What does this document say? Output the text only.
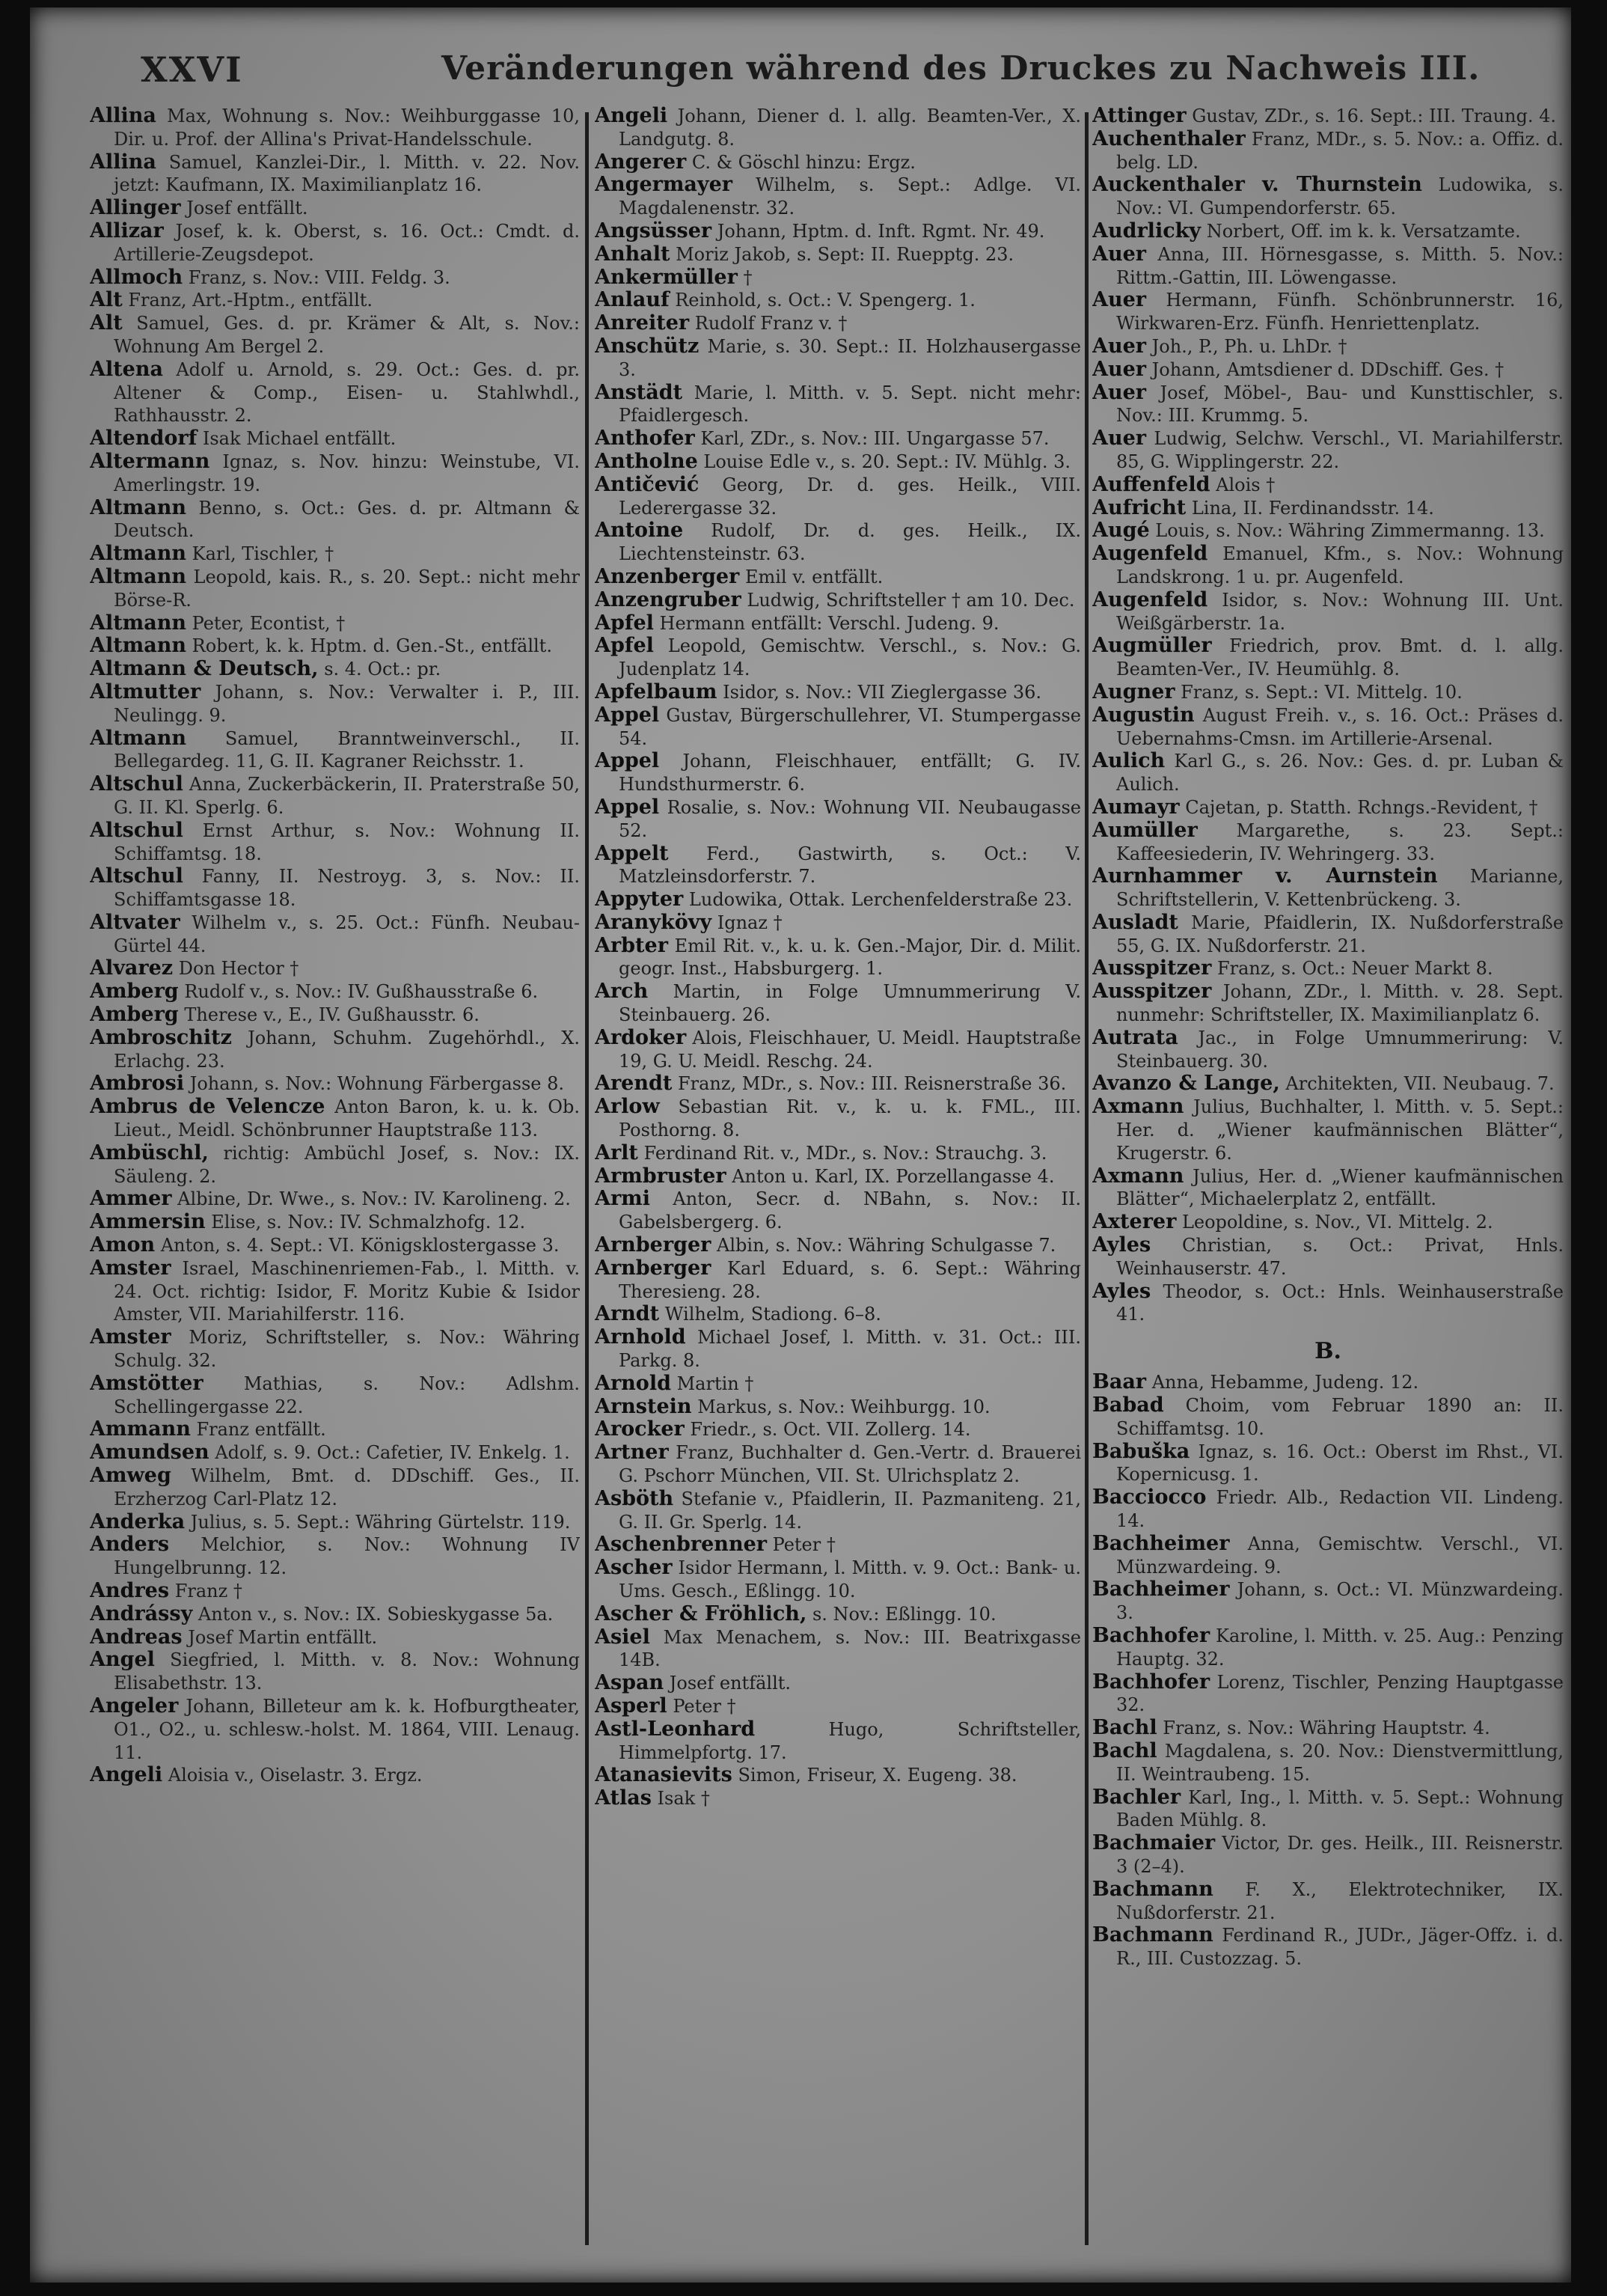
XXVI	Veränderungen während des Druckes zu Nachweis III.

Allina Max, Wohnung s. Nov.: Weihburggasse 10, Dir. u. Prof. der Allina's Privat-Handelsschule.

Allina Samuel, Kanzlei-Dir., l. Mitth. v. 22. Nov. jetzt: Kaufmann, IX. Maximilianplatz 16.

Allinger Josef entfällt.

Allizar Josef, k. k. Oberst, s. 16. Oct.: Cmdt. d. Artillerie-Zeugsdepot.

Allmoch Franz, s. Nov.: VIII. Feldg. 3.

Alt Franz, Art.-Hptm., entfällt.

Alt Samuel, Ges. d. pr. Krämer & Alt, s. Nov.: Wohnung Am Bergel 2.

Altena Adolf u. Arnold, s. 29. Oct.: Ges. d. pr. Altener & Comp., Eisen- u. Stahlwhdl., Rathhausstr. 2.

Altendorf Isak Michael entfällt.

Altermann Ignaz, s. Nov. hinzu: Weinstube, VI. Amerlingstr. 19.

Altmann Benno, s. Oct.: Ges. d. pr. Altmann & Deutsch.

Altmann Karl, Tischler, †

Altmann Leopold, kais. R., s. 20. Sept.: nicht mehr Börse-R.

Altmann Peter, Econtist, †

Altmann Robert, k. k. Hptm. d. Gen.-St., entfällt.

Altmann & Deutsch, s. 4. Oct.: pr.

Altmutter Johann, s. Nov.: Verwalter i. P., III. Neulingg. 9.

Altmann Samuel, Branntweinverschl., II. Bellegardeg. 11, G. II. Kagraner Reichsstr. 1.

Altschul Anna, Zuckerbäckerin, II. Praterstraße 50, G. II. Kl. Sperlg. 6.

Altschul Ernst Arthur, s. Nov.: Wohnung II. Schiffamtsg. 18.

Altschul Fanny, II. Nestroyg. 3, s. Nov.: II. Schiffamtsgasse 18.

Altvater Wilhelm v., s. 25. Oct.: Fünfh. Neubau-Gürtel 44.

Alvarez Don Hector †

Amberg Rudolf v., s. Nov.: IV. Gußhausstraße 6.

Amberg Therese v., E., IV. Gußhausstr. 6.

Ambroschitz Johann, Schuhm. Zugehörhdl., X. Erlachg. 23.

Ambrosi Johann, s. Nov.: Wohnung Färbergasse 8.

Ambrus de Velencze Anton Baron, k. u. k. Ob. Lieut., Meidl. Schönbrunner Hauptstraße 113.

Ambüschl, richtig: Ambüchl Josef, s. Nov.: IX. Säuleng. 2.

Ammer Albine, Dr. Wwe., s. Nov.: IV. Karolineng. 2.

Ammersin Elise, s. Nov.: IV. Schmalzhofg. 12.

Amon Anton, s. 4. Sept.: VI. Königsklostergasse 3.

Amster Israel, Maschinenriemen-Fab., l. Mitth. v. 24. Oct. richtig: Isidor, F. Moritz Kubie & Isidor Amster, VII. Mariahilferstr. 116.

Amster Moriz, Schriftsteller, s. Nov.: Währing Schulg. 32.

Amstötter Mathias, s. Nov.: Adlshm. Schellingergasse 22.

Ammann Franz entfällt.

Amundsen Adolf, s. 9. Oct.: Cafetier, IV. Enkelg. 1.

Amweg Wilhelm, Bmt. d. DDschiff. Ges., II. Erzherzog Carl-Platz 12.

Anderka Julius, s. 5. Sept.: Währing Gürtelstr. 119.

Anders Melchior, s. Nov.: Wohnung IV Hungelbrunng. 12.

Andres Franz †

Andrássy Anton v., s. Nov.: IX. Sobieskygasse 5a.

Andreas Josef Martin entfällt.

Angel Siegfried, l. Mitth. v. 8. Nov.: Wohnung Elisabethstr. 13.

Angeler Johann, Billeteur am k. k. Hofburgtheater, O1., O2., u. schlesw.-holst. M. 1864, VIII. Lenaug. 11.

Angeli Aloisia v., Oiselastr. 3. Ergz.

Angeli Johann, Diener d. l. allg. Beamten-Ver., X. Landgutg. 8.

Angerer C. & Göschl hinzu: Ergz.

Angermayer Wilhelm, s. Sept.: Adlge. VI. Magdalenenstr. 32.

Angsüsser Johann, Hptm. d. Inft. Rgmt. Nr. 49.

Anhalt Moriz Jakob, s. Sept: II. Ruepptg. 23.

Ankermüller †

Anlauf Reinhold, s. Oct.: V. Spengerg. 1.

Anreiter Rudolf Franz v. †

Anschütz Marie, s. 30. Sept.: II. Holzhausergasse 3.

Anstädt Marie, l. Mitth. v. 5. Sept. nicht mehr: Pfaidlergesch.

Anthofer Karl, ZDr., s. Nov.: III. Ungargasse 57.

Antholne Louise Edle v., s. 20. Sept.: IV. Mühlg. 3.

Antičević Georg, Dr. d. ges. Heilk., VIII. Lederergasse 32.

Antoine Rudolf, Dr. d. ges. Heilk., IX. Liechtensteinstr. 63.

Anzenberger Emil v. entfällt.

Anzengruber Ludwig, Schriftsteller † am 10. Dec.

Apfel Hermann entfällt: Verschl. Judeng. 9.

Apfel Leopold, Gemischtw. Verschl., s. Nov.: G. Judenplatz 14.

Apfelbaum Isidor, s. Nov.: VII Zieglergasse 36.

Appel Gustav, Bürgerschullehrer, VI. Stumpergasse 54.

Appel Johann, Fleischhauer, entfällt; G. IV. Hundsthurmerstr. 6.

Appel Rosalie, s. Nov.: Wohnung VII. Neubaugasse 52.

Appelt Ferd., Gastwirth, s. Oct.: V. Matzleinsdorferstr. 7.

Appyter Ludowika, Ottak. Lerchenfelderstraße 23.

Aranykövy Ignaz †

Arbter Emil Rit. v., k. u. k. Gen.-Major, Dir. d. Milit. geogr. Inst., Habsburgerg. 1.

Arch Martin, in Folge Umnummerirung V. Steinbauerg. 26.

Ardoker Alois, Fleischhauer, U. Meidl. Hauptstraße 19, G. U. Meidl. Reschg. 24.

Arendt Franz, MDr., s. Nov.: III. Reisnerstraße 36.

Arlow Sebastian Rit. v., k. u. k. FML., III. Posthorng. 8.

Arlt Ferdinand Rit. v., MDr., s. Nov.: Strauchg. 3.

Armbruster Anton u. Karl, IX. Porzellangasse 4.

Armi Anton, Secr. d. NBahn, s. Nov.: II. Gabelsbergerg. 6.

Arnberger Albin, s. Nov.: Währing Schulgasse 7.

Arnberger Karl Eduard, s. 6. Sept.: Währing Theresieng. 28.

Arndt Wilhelm, Stadiong. 6–8.

Arnhold Michael Josef, l. Mitth. v. 31. Oct.: III. Parkg. 8.

Arnold Martin †

Arnstein Markus, s. Nov.: Weihburgg. 10.

Arocker Friedr., s. Oct. VII. Zollerg. 14.

Artner Franz, Buchhalter d. Gen.-Vertr. d. Brauerei G. Pschorr München, VII. St. Ulrichsplatz 2.

Asböth Stefanie v., Pfaidlerin, II. Pazmaniteng. 21, G. II. Gr. Sperlg. 14.

Aschenbrenner Peter †

Ascher Isidor Hermann, l. Mitth. v. 9. Oct.: Bank- u. Ums. Gesch., Eßlingg. 10.

Ascher & Fröhlich, s. Nov.: Eßlingg. 10.

Asiel Max Menachem, s. Nov.: III. Beatrixgasse 14B.

Aspan Josef entfällt.

Asperl Peter †

Astl-Leonhard	Hugo, Schriftsteller, Himmelpfortg. 17.

Atanasievits Simon, Friseur, X. Eugeng. 38.

Atlas Isak †

Attinger Gustav, ZDr., s. 16. Sept.: III. Traung. 4.

Auchenthaler Franz, MDr., s. 5. Nov.: a. Offiz. d. belg. LD.

Auckenthaler v. Thurnstein Ludowika, s. Nov.: VI. Gumpendorferstr. 65.

Audrlicky Norbert, Off. im k. k. Versatzamte.

Auer Anna, III. Hörnesgasse, s. Mitth. 5. Nov.: Rittm.-Gattin, III. Löwengasse.

Auer Hermann, Fünfh. Schönbrunnerstr. 16, Wirkwaren-Erz. Fünfh. Henriettenplatz.

Auer Joh., P., Ph. u. LhDr. †

Auer Johann, Amtsdiener d. DDschiff. Ges. †

Auer Josef, Möbel-, Bau- und Kunsttischler, s. Nov.: III. Krummg. 5.

Auer Ludwig, Selchw. Verschl., VI. Mariahilferstr. 85, G. Wipplingerstr. 22.

Auffenfeld Alois †

Aufricht Lina, II. Ferdinandsstr. 14.

Augé Louis, s. Nov.: Währing Zimmermanng. 13.

Augenfeld Emanuel, Kfm., s. Nov.: Wohnung Landskrong. 1 u. pr. Augenfeld.

Augenfeld Isidor, s. Nov.: Wohnung III. Unt. Weißgärberstr. 1a.

Augmüller Friedrich, prov. Bmt. d. l. allg. Beamten-Ver., IV. Heumühlg. 8.

Augner Franz, s. Sept.: VI. Mittelg. 10.

Augustin August Freih. v., s. 16. Oct.: Präses d. Uebernahms-Cmsn. im Artillerie-Arsenal.

Aulich Karl G., s. 26. Nov.: Ges. d. pr. Luban & Aulich.

Aumayr Cajetan, p. Statth. Rchngs.-Revident, †

Aumüller Margarethe, s. 23. Sept.: Kaffeesiederin, IV. Wehringerg. 33.

Aurnhammer v. Aurnstein Marianne, Schriftstellerin, V. Kettenbrückeng. 3.

Ausladt Marie, Pfaidlerin, IX. Nußdorferstraße 55, G. IX. Nußdorferstr. 21.

Ausspitzer Franz, s. Oct.: Neuer Markt 8.

Ausspitzer Johann, ZDr., l. Mitth. v. 28. Sept. nunmehr: Schriftsteller, IX. Maximilianplatz 6.

Autrata Jac., in Folge Umnummerirung: V. Steinbauerg. 30.

Avanzo & Lange, Architekten, VII. Neubaug. 7.

Axmann Julius, Buchhalter, l. Mitth. v. 5. Sept.: Her. d. „Wiener kaufmännischen Blätter“, Krugerstr. 6.

Axmann Julius, Her. d. „Wiener kaufmännischen Blätter“, Michaelerplatz 2, entfällt.

Axterer Leopoldine, s. Nov., VI. Mittelg. 2.

Ayles Christian, s. Oct.: Privat, Hnls. Weinhauserstr. 47.

Ayles Theodor, s. Oct.: Hnls. Weinhauserstraße 41.

B.

Baar Anna, Hebamme, Judeng. 12.

Babad Choim, vom Februar 1890 an: II. Schiffamtsg. 10.

Babuška Ignaz, s. 16. Oct.: Oberst im Rhst., VI. Kopernicusg. 1.

Bacciocco Friedr. Alb., Redaction VII. Lindeng. 14.

Bachheimer Anna, Gemischtw. Verschl., VI. Münzwardeing. 9.

Bachheimer Johann, s. Oct.: VI. Münzwardeing. 3.

Bachhofer Karoline, l. Mitth. v. 25. Aug.: Penzing Hauptg. 32.

Bachhofer Lorenz, Tischler, Penzing Hauptgasse 32.

Bachl Franz, s. Nov.: Währing Hauptstr. 4.

Bachl Magdalena, s. 20. Nov.: Dienstvermittlung, II. Weintraubeng. 15.

Bachler Karl, Ing., l. Mitth. v. 5. Sept.: Wohnung Baden Mühlg. 8.

Bachmaier Victor, Dr. ges. Heilk., III. Reisnerstr. 3 (2–4).

Bachmann F. X., Elektrotechniker, IX. Nußdorferstr. 21.

Bachmann Ferdinand R., JUDr., Jäger-Offz. i. d. R., III. Custozzag. 5.
